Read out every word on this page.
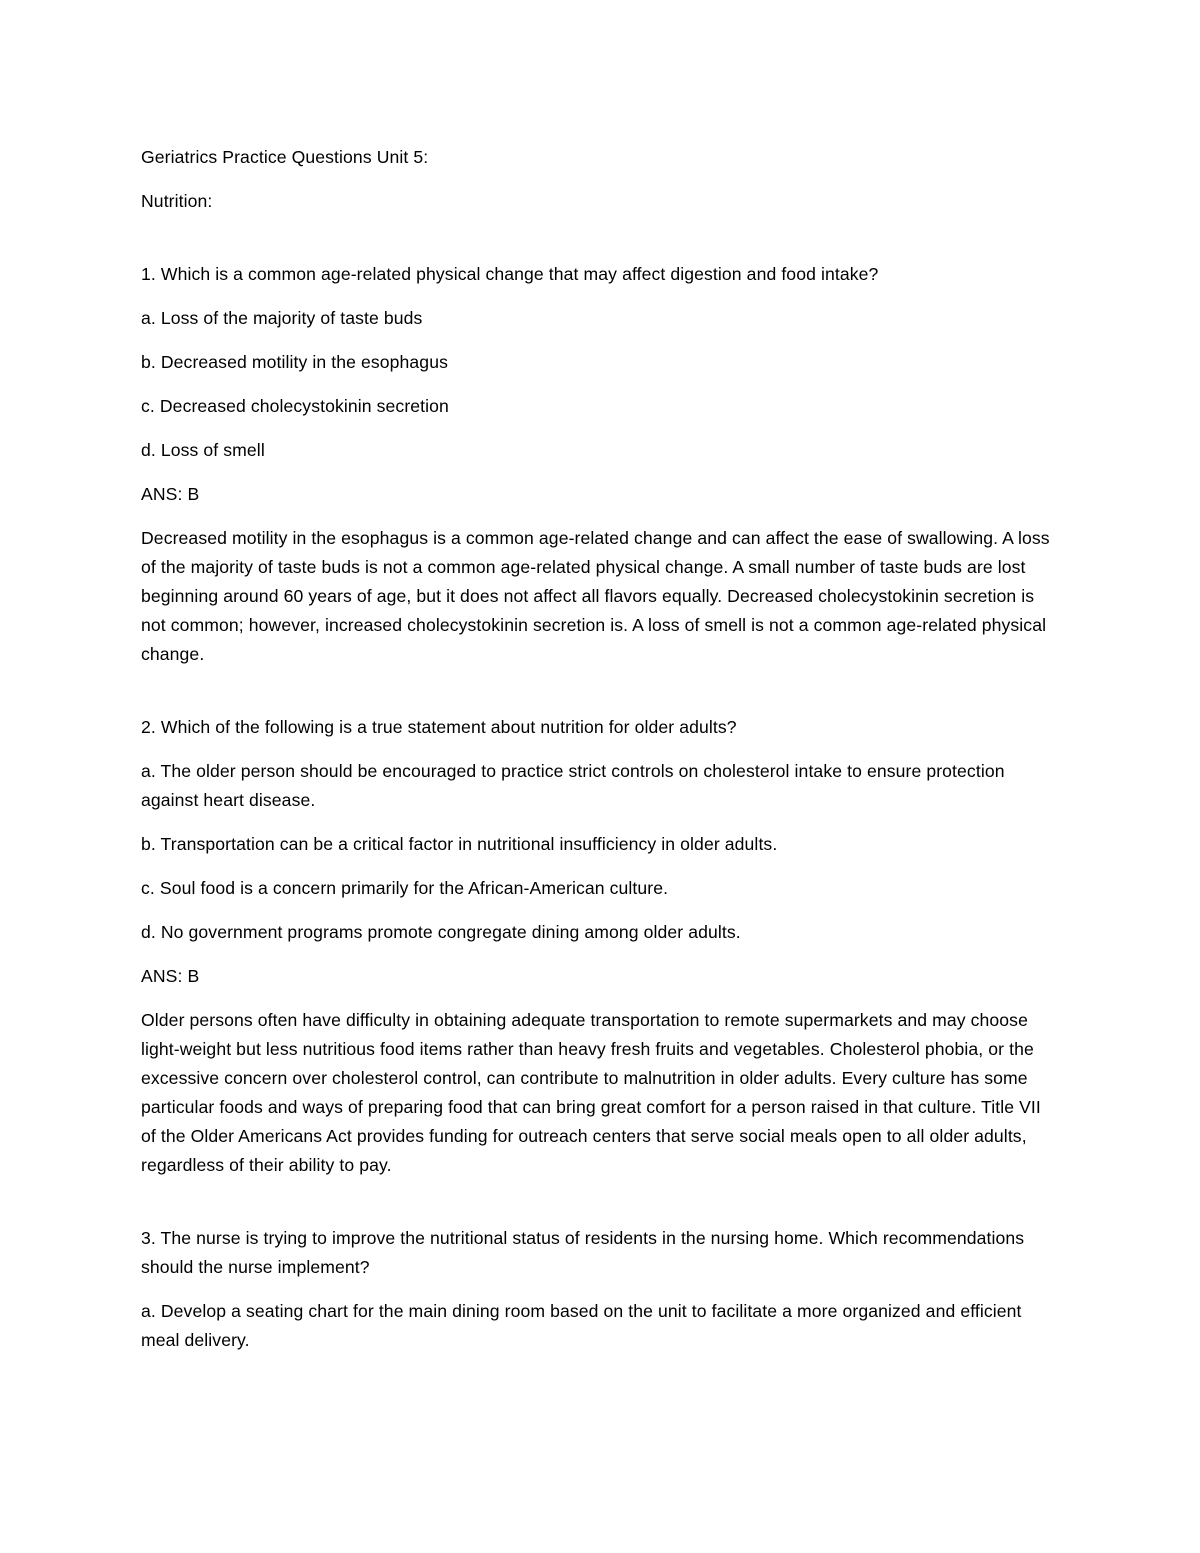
Geriatrics Practice Questions Unit 5:

Nutrition:

1. Which is a common age-related physical change that may affect digestion and food intake?

a. Loss of the majority of taste buds

b. Decreased motility in the esophagus

c. Decreased cholecystokinin secretion

d. Loss of smell

ANS: B

Decreased motility in the esophagus is a common age-related change and can affect the ease of swallowing. A loss of the majority of taste buds is not a common age-related physical change. A small number of taste buds are lost beginning around 60 years of age, but it does not affect all flavors equally. Decreased cholecystokinin secretion is not common; however, increased cholecystokinin secretion is. A loss of smell is not a common age-related physical change.

2. Which of the following is a true statement about nutrition for older adults?

a. The older person should be encouraged to practice strict controls on cholesterol intake to ensure protection against heart disease.

b. Transportation can be a critical factor in nutritional insufficiency in older adults.

c. Soul food is a concern primarily for the African-American culture.

d. No government programs promote congregate dining among older adults.

ANS: B

Older persons often have difficulty in obtaining adequate transportation to remote supermarkets and may choose light-weight but less nutritious food items rather than heavy fresh fruits and vegetables. Cholesterol phobia, or the excessive concern over cholesterol control, can contribute to malnutrition in older adults. Every culture has some particular foods and ways of preparing food that can bring great comfort for a person raised in that culture. Title VII of the Older Americans Act provides funding for outreach centers that serve social meals open to all older adults, regardless of their ability to pay.

3. The nurse is trying to improve the nutritional status of residents in the nursing home. Which recommendations should the nurse implement?

a. Develop a seating chart for the main dining room based on the unit to facilitate a more organized and efficient meal delivery.
